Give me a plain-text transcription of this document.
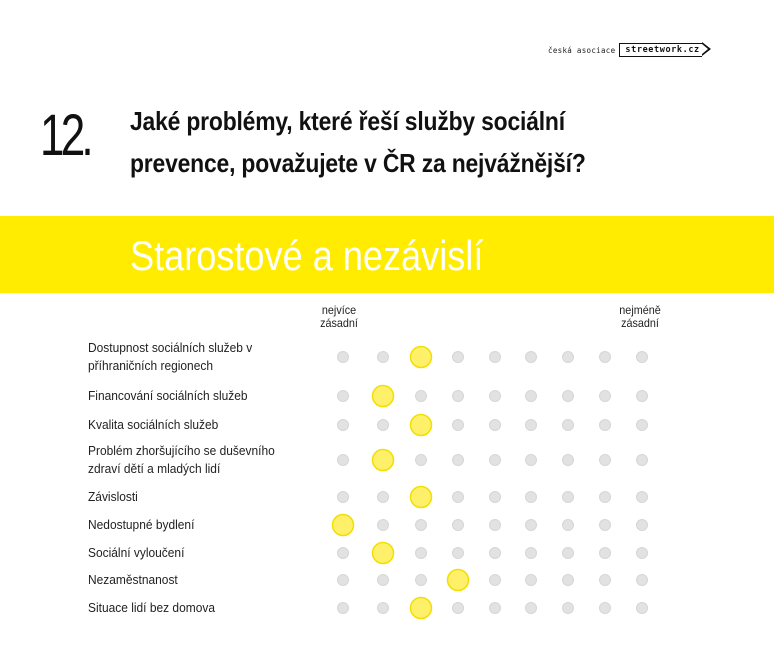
česká asociace	streetwork.cz
12. Jaké problémy, které řeší služby sociální
prevence, považujete v ČR za nejvážnější?
Starostové a nezávislí
nejvíce
zásadní
nejméně
zásadní
Dostupnost sociálních služeb v
příhraničních regionech
Financování sociálních služeb
Kvalita sociálních služeb
Problém zhoršujícího se duševního
zdraví dětí a mladých lidí
Závislosti
Nedostupné bydlení
Sociální vyloučení
Nezaměstnanost
Situace lidí bez domova
